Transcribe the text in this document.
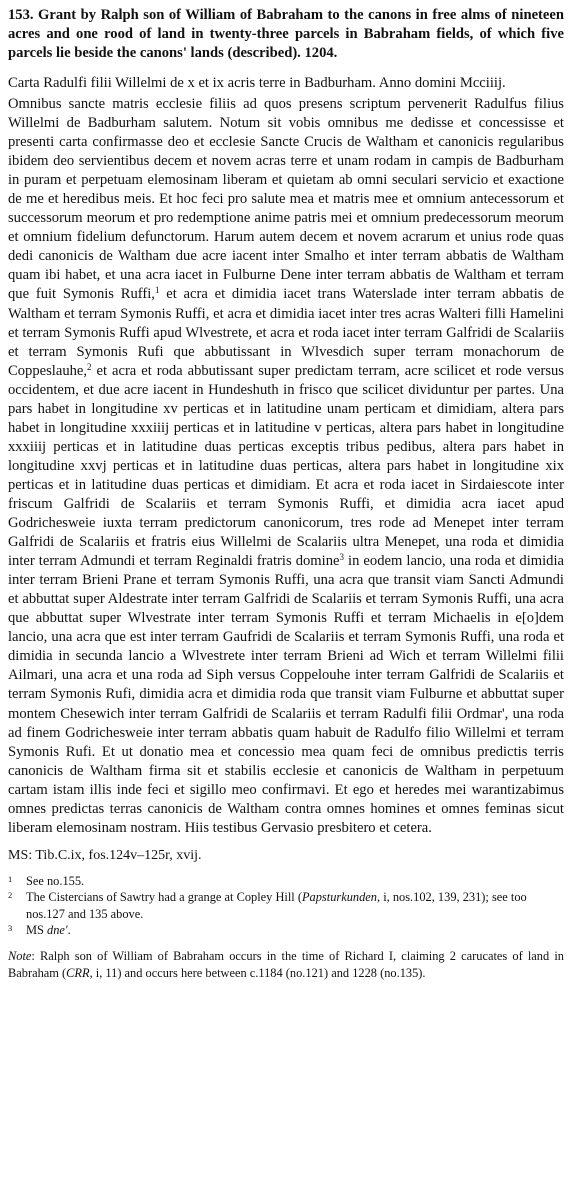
153. Grant by Ralph son of William of Babraham to the canons in free alms of nineteen acres and one rood of land in twenty-three parcels in Babraham fields, of which five parcels lie beside the canons' lands (described). 1204.

Carta Radulfi filii Willelmi de x et ix acris terre in Badburham. Anno domini Mcciiij.

Omnibus sancte matris ecclesie filiis ad quos presens scriptum pervenerit Radulfus filius Willelmi de Badburham salutem. Notum sit vobis omnibus me dedisse et concessisse et presenti carta confirmasse deo et ecclesie Sancte Crucis de Waltham et canonicis regularibus ibidem deo servientibus decem et novem acras terre et unam rodam in campis de Badburham in puram et perpetuam elemosinam liberam et quietam ab omni seculari servicio et exactione de me et heredibus meis. Et hoc feci pro salute mea et matris mee et omnium antecessorum et successorum meorum et pro redemptione anime patris mei et omnium predecessorum meorum et omnium fidelium defunctorum. Harum autem decem et novem acrarum et unius rode quas dedi canonicis de Waltham due acre iacent inter Smalho et inter terram abbatis de Waltham quam ibi habet, et una acra iacet in Fulburne Dene inter terram abbatis de Waltham et terram que fuit Symonis Ruffi,$^1$ et acra et dimidia iacet trans Waterslade inter terram abbatis de Waltham et terram Symonis Ruffi, et acra et dimidia iacet inter tres acras Walteri filli Hamelini et terram Symonis Ruffi apud Wlvestrete, et acra et roda iacet inter terram Galfridi de Scalariis et terram Symonis Rufi que abbutissant in Wlvesdich super terram monachorum de Coppeslauhe,$^2$ et acra et roda abbutissant super predictam terram, acre scilicet et rode versus occidentem, et due acre iacent in Hundeshuth in frisco que scilicet dividuntur per partes. Una pars habet in longitudine xv perticas et in latitudine unam perticam et dimidiam, altera pars habet in longitudine xxxiiij perticas et in latitudine v perticas, altera pars habet in longitudine xxxiiij perticas et in latitudine duas perticas exceptis tribus pedibus, altera pars habet in longitudine xxvj perticas et in latitudine duas perticas, altera pars habet in longitudine xix perticas et in latitudine duas perticas et dimidiam. Et acra et roda iacet in Sirdaiescote inter friscum Galfridi de Scalariis et terram Symonis Ruffi, et dimidia acra iacet apud Godrichesweie iuxta terram predictorum canonicorum, tres rode ad Menepet inter terram Galfridi de Scalariis et fratris eius Willelmi de Scalariis ultra Menepet, una roda et dimidia inter terram Admundi et terram Reginaldi fratris domine$^3$ in eodem lancio, una roda et dimidia inter terram Brieni Prane et terram Symonis Ruffi, una acra que transit viam Sancti Admundi et abbuttat super Aldestrate inter terram Galfridi de Scalariis et terram Symonis Ruffi, una acra que abbuttat super Wlvestrate inter terram Symonis Ruffi et terram Michaelis in e[o]dem lancio, una acra que est inter terram Gaufridi de Scalariis et terram Symonis Ruffi, una roda et dimidia in secunda lancio a Wlvestrete inter terram Brieni ad Wich et terram Willelmi filii Ailmari, una acra et una roda ad Siph versus Coppelouhe inter terram Galfridi de Scalariis et terram Symonis Rufi, dimidia acra et dimidia roda que transit viam Fulburne et abbuttat super montem Chesewich inter terram Galfridi de Scalariis et terram Radulfi filii Ordmar', una roda ad finem Godrichesweie inter terram abbatis quam habuit de Radulfo filio Willelmi et terram Symonis Rufi. Et ut donatio mea et concessio mea quam feci de omnibus predictis terris canonicis de Waltham firma sit et stabilis ecclesie et canonicis de Waltham in perpetuum cartam istam illis inde feci et sigillo meo confirmavi. Et ego et heredes mei warantizabimus omnes predictas terras canonicis de Waltham contra omnes homines et omnes feminas sicut liberam elemosinam nostram. Hiis testibus Gervasio presbitero et cetera.

MS: Tib.C.ix, fos.124v–125r, xvij.

1 See no.155.
2 The Cistercians of Sawtry had a grange at Copley Hill (Papsturkunden, i, nos.102, 139, 231); see too nos.127 and 135 above.
3 MS dne'.

Note: Ralph son of William of Babraham occurs in the time of Richard I, claiming 2 carucates of land in Babraham (CRR, i, 11) and occurs here between c.1184 (no.121) and 1228 (no.135).
